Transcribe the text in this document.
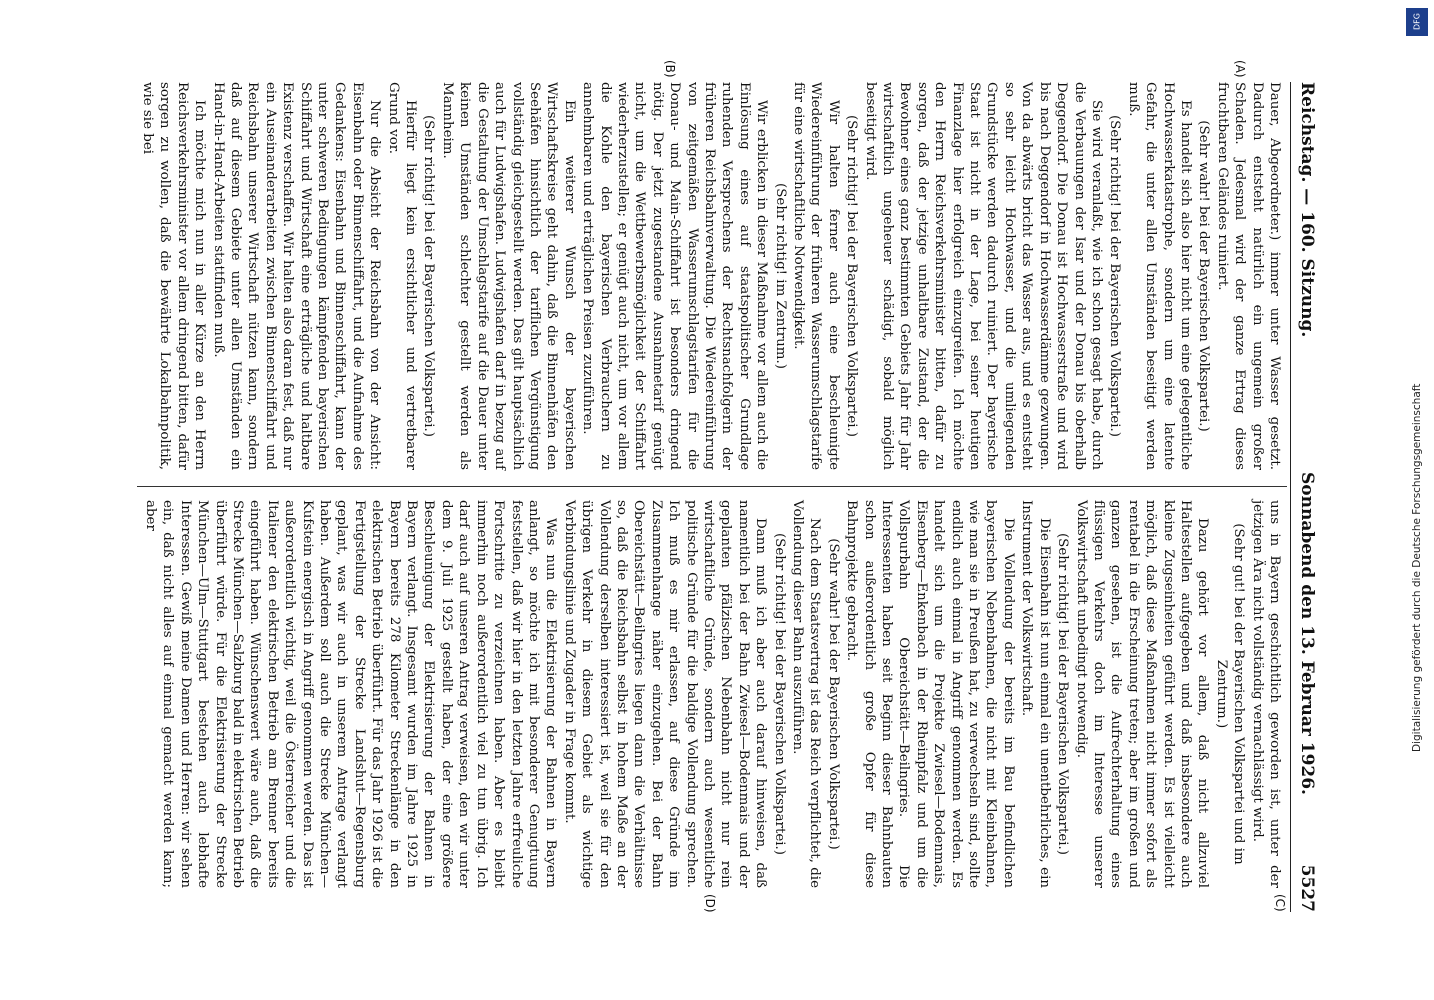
Reichstag. — 160. Sitzung.
Sonnabend den 13. Februar 1926.
5527
(A)
(B)
(C)
(D)

Dauer, Abgeordneter.) immer unter Wasser gesetzt. Dadurch entsteht natürlich ein ungemein großer Schaden. Jedesmal wird der ganze Ertrag dieses fruchtbaren Geländes ruiniert.

(Sehr wahr! bei der Bayerischen Volkspartei.)

Es handelt sich also hier nicht um eine gelegentliche Hochwasserkatastrophe, sondern um eine latente Gefahr, die unter allen Umständen beseitigt werden muß.

(Sehr richtig! bei der Bayerischen Volkspartei.)

Sie wird veranlaßt, wie ich schon gesagt habe, durch die Verbauungen der Isar und der Donau bis oberhalb Deggendorf. Die Donau ist Hochwasserstraße und wird bis nach Deggendorf in Hochwasserdämme gezwungen. Von da abwärts bricht das Wasser aus, und es entsteht so sehr leicht Hochwasser, und die umliegenden Grundstücke werden dadurch ruiniert. Der bayerische Staat ist nicht in der Lage, bei seiner heutigen Finanzlage hier erfolgreich einzugreifen. Ich möchte den Herrn Reichsverkehrsminister bitten, dafür zu sorgen, daß der jetzige unhaltbare Zustand, der die Bewohner eines ganz bestimmten Gebiets Jahr für Jahr wirtschaftlich ungeheuer schädigt, sobald möglich beseitigt wird.

(Sehr richtig! bei der Bayerischen Volkspartei.)

Wir halten ferner auch eine beschleunigte Wiedereinführung der früheren Wasserumschlagstarife für eine wirtschaftliche Notwendigkeit.

(Sehr richtig! im Zentrum.)

Wir erblicken in dieser Maßnahme vor allem auch die Einlösung eines auf staatspolitischer Grundlage ruhenden Versprechens der Rechtsnachfolgerin der früheren Reichsbahnverwaltung. Die Wiedereinführung von zeitgemäßen Wasserumschlagstarifen für die Donau- und Main-Schiffahrt ist besonders dringend nötig. Der jetzt zugestandene Ausnahmetarif genügt nicht, um die Wettbewerbsmöglichkeit der Schiffahrt wiederherzustellen; er genügt auch nicht, um vor allem die Kohle den bayerischen Verbrauchern zu annehmbaren und erträglichen Preisen zuzuführen.

Ein weiterer Wunsch der bayerischen Wirtschaftskreise geht dahin, daß die Binnenhäfen den Seehäfen hinsichtlich der tariflichen Vergünstigung vollständig gleichgestellt werden. Das gilt hauptsächlich auch für Ludwigshafen. Ludwigshafen darf in bezug auf die Gestaltung der Umschlagstarife auf die Dauer unter keinen Umständen schlechter gestellt werden als Mannheim.

(Sehr richtig! bei der Bayerischen Volkspartei.)

Hierfür liegt kein ersichtlicher und vertretbarer Grund vor.

Nur die Absicht der Reichsbahn von der Ansicht: Eisenbahn oder Binnenschiffahrt, und die Aufnahme des Gedankens: Eisenbahn und Binnenschiffahrt, kann der unter schweren Bedingungen kämpfenden bayerischen Schiffahrt und Wirtschaft eine erträgliche und haltbare Existenz verschaffen. Wir halten also daran fest, daß nur ein Auseinanderarbeiten zwischen Binnenschiffahrt und Reichsbahn unserer Wirtschaft nützen kann, sondern daß auf diesem Gebiete unter allen Umständen ein Hand-in-Hand-Arbeiten stattfinden muß.

Ich möchte mich nun in aller Kürze an den Herrn Reichsverkehrsminister vor allem dringend bitten, dafür sorgen zu wollen, daß die bewährte Lokalbahnpolitik, wie sie bei

uns in Bayern geschichtlich geworden ist, unter der jetzigen Ära nicht vollständig vernachlässigt wird.

(Sehr gut! bei der Bayerischen Volkspartei und im Zentrum.)

Dazu gehört vor allem, daß nicht allzuviel Haltestellen aufgegeben und daß insbesondere auch kleine Zugseinheiten geführt werden. Es ist vielleicht möglich, daß diese Maßnahmen nicht immer sofort als rentabel in die Erscheinung treten; aber im großen und ganzen gesehen, ist die Aufrechterhaltung eines flüssigen Verkehrs doch im Interesse unserer Volkswirtschaft unbedingt notwendig.

(Sehr richtig! bei der Bayerischen Volkspartei.)

Die Eisenbahn ist nun einmal ein unentbehrliches, ein Instrument der Volkswirtschaft.

Die Vollendung der bereits im Bau befindlichen bayerischen Nebenbahnen, die nicht mit Kleinbahnen, wie man sie in Preußen hat, zu verwechseln sind, sollte endlich auch einmal in Angriff genommen werden. Es handelt sich um die Projekte Zwiesel—Bodenmais, Eisenberg—Enkenbach in der Rheinpfalz und um die Vollspurbahn Obereichstätt—Beilngries. Die Interessenten haben seit Beginn dieser Bahnbauten schon außerordentlich große Opfer für diese Bahnprojekte gebracht.

(Sehr wahr! bei der Bayerischen Volkspartei.)

Nach dem Staatsvertrag ist das Reich verpflichtet, die Vollendung dieser Bahn auszuführen.

(Sehr richtig! bei der Bayerischen Volkspartei.)

Dann muß ich aber auch darauf hinweisen, daß namentlich bei der Bahn Zwiesel—Bodenmais und der geplanten pfälzischen Nebenbahn nicht nur rein wirtschaftliche Gründe, sondern auch wesentliche politische Gründe für die baldige Vollendung sprechen. Ich muß es mir erlassen, auf diese Gründe im Zusammenhange näher einzugehen. Bei der Bahn Obereichstätt—Beilngries liegen dann die Verhältnisse so, daß die Reichsbahn selbst in hohem Maße an der Vollendung derselben interessiert ist, weil sie für den übrigen Verkehr in diesem Gebiet als wichtige Verbindungslinie und Zugader in Frage kommt.

Was nun die Elektrisierung der Bahnen in Bayern anlangt, so möchte ich mit besonderer Genugtuung feststellen, daß wir hier in den letzten Jahre erfreuliche Fortschritte zu verzeichnen haben. Aber es bleibt immerhin noch außerordentlich viel zu tun übrig. Ich darf auch auf unseren Antrag verweisen, den wir unter dem 9. Juli 1925 gestellt haben, der eine größere Beschleunigung der Elektrisierung der Bahnen in Bayern verlangt. Insgesamt wurden im Jahre 1925 in Bayern bereits 278 Kilometer Streckenlänge in den elektrischen Betrieb überführt. Für das Jahr 1926 ist die Fertigstellung der Strecke Landshut—Regensburg geplant, was wir auch in unserem Antrage verlangt haben. Außerdem soll auch die Strecke München—Kufstein energisch in Angriff genommen werden. Das ist außerordentlich wichtig, weil die Österreicher und die Italiener den elektrischen Betrieb am Brenner bereits eingeführt haben. Wünschenswert wäre auch, daß die Strecke München—Salzburg bald in elektrischen Betrieb überführt würde. Für die Elektrisierung der Strecke München—Ulm—Stuttgart bestehen auch lebhafte Interessen. Gewiß meine Damen und Herren: wir sehen ein, daß nicht alles auf einmal gemacht werden kann; aber	Digitalisierung gefördert durch die Deutsche Forschungsgemeinschaft
DFG
